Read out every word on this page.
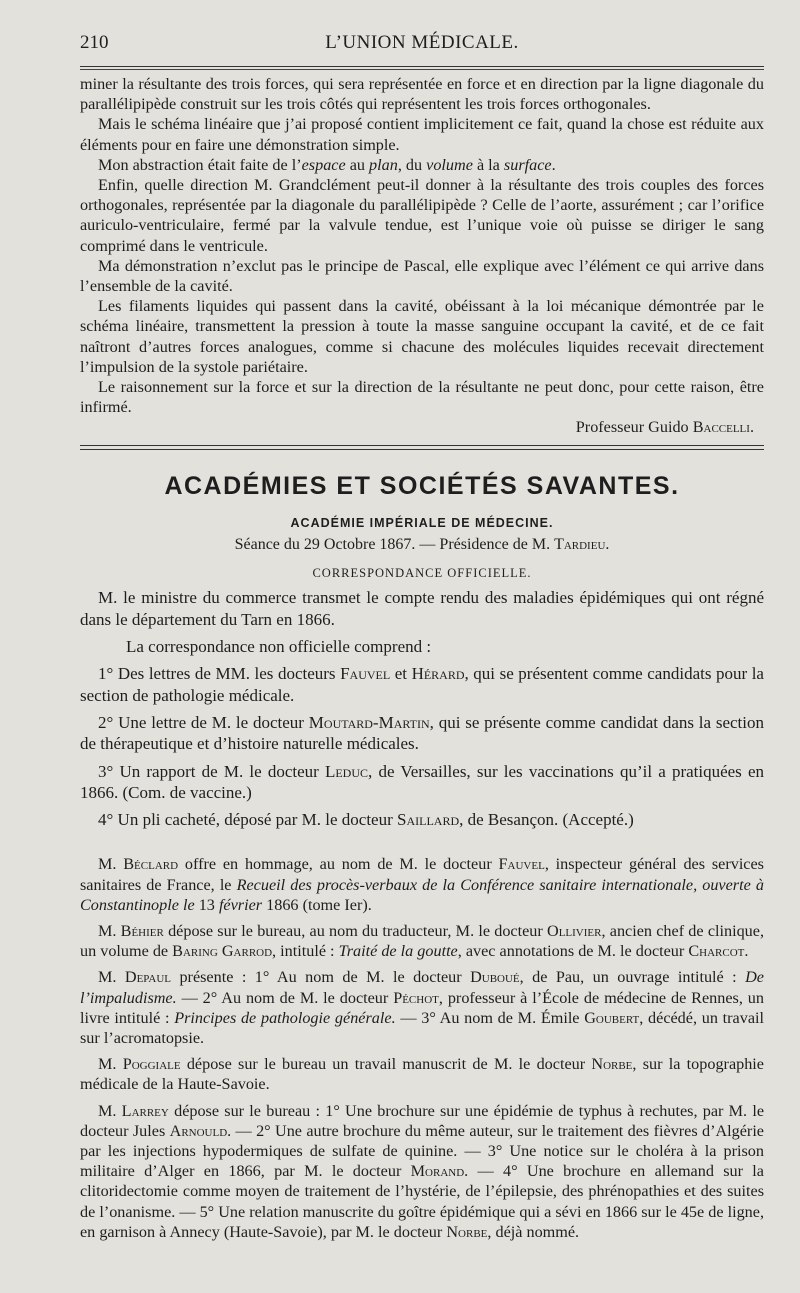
210	L’UNION MÉDICALE.

miner la résultante des trois forces, qui sera représentée en force et en direction par la ligne diagonale du parallélipipède construit sur les trois côtés qui représentent les trois forces orthogonales.

Mais le schéma linéaire que j’ai proposé contient implicitement ce fait, quand la chose est réduite aux éléments pour en faire une démonstration simple.

Mon abstraction était faite de l’espace au plan, du volume à la surface.

Enfin, quelle direction M. Grandclément peut-il donner à la résultante des trois couples des forces orthogonales, représentée par la diagonale du parallélipipède ? Celle de l’aorte, assurément ; car l’orifice auriculo-ventriculaire, fermé par la valvule tendue, est l’unique voie où puisse se diriger le sang comprimé dans le ventricule.

Ma démonstration n’exclut pas le principe de Pascal, elle explique avec l’élément ce qui arrive dans l’ensemble de la cavité.

Les filaments liquides qui passent dans la cavité, obéissant à la loi mécanique démontrée par le schéma linéaire, transmettent la pression à toute la masse sanguine occupant la cavité, et de ce fait naîtront d’autres forces analogues, comme si chacune des molécules liquides recevait directement l’impulsion de la systole pariétaire.

Le raisonnement sur la force et sur la direction de la résultante ne peut donc, pour cette raison, être infirmé.

Professeur Guido Baccelli.
ACADÉMIES ET SOCIÉTÉS SAVANTES.
ACADÉMIE IMPÉRIALE DE MÉDECINE.
Séance du 29 Octobre 1867. — Présidence de M. Tardieu.
CORRESPONDANCE OFFICIELLE.

M. le ministre du commerce transmet le compte rendu des maladies épidémiques qui ont régné dans le département du Tarn en 1866.

La correspondance non officielle comprend :

1° Des lettres de MM. les docteurs Fauvel et Hérard, qui se présentent comme candidats pour la section de pathologie médicale.

2° Une lettre de M. le docteur Moutard-Martin, qui se présente comme candidat dans la section de thérapeutique et d’histoire naturelle médicales.

3° Un rapport de M. le docteur Leduc, de Versailles, sur les vaccinations qu’il a pratiquées en 1866. (Com. de vaccine.)

4° Un pli cacheté, déposé par M. le docteur Saillard, de Besançon. (Accepté.)

M. Béclard offre en hommage, au nom de M. le docteur Fauvel, inspecteur général des services sanitaires de France, le Recueil des procès-verbaux de la Conférence sanitaire internationale, ouverte à Constantinople le 13 février 1866 (tome Ier).

M. Béhier dépose sur le bureau, au nom du traducteur, M. le docteur Ollivier, ancien chef de clinique, un volume de Baring Garrod, intitulé : Traité de la goutte, avec annotations de M. le docteur Charcot.

M. Depaul présente : 1° Au nom de M. le docteur Duboué, de Pau, un ouvrage intitulé : De l’impaludisme. — 2° Au nom de M. le docteur Péchot, professeur à l’École de médecine de Rennes, un livre intitulé : Principes de pathologie générale. — 3° Au nom de M. Émile Goubert, décédé, un travail sur l’acromatopsie.

M. Poggiale dépose sur le bureau un travail manuscrit de M. le docteur Norbe, sur la topographie médicale de la Haute-Savoie.

M. Larrey dépose sur le bureau : 1° Une brochure sur une épidémie de typhus à rechutes, par M. le docteur Jules Arnould. — 2° Une autre brochure du même auteur, sur le traitement des fièvres d’Algérie par les injections hypodermiques de sulfate de quinine. — 3° Une notice sur le choléra à la prison militaire d’Alger en 1866, par M. le docteur Morand. — 4° Une brochure en allemand sur la clitoridectomie comme moyen de traitement de l’hystérie, de l’épilepsie, des phrénopathies et des suites de l’onanisme. — 5° Une relation manuscrite du goître épidémique qui a sévi en 1866 sur le 45e de ligne, en garnison à Annecy (Haute-Savoie), par M. le docteur Norbe, déjà nommé.
